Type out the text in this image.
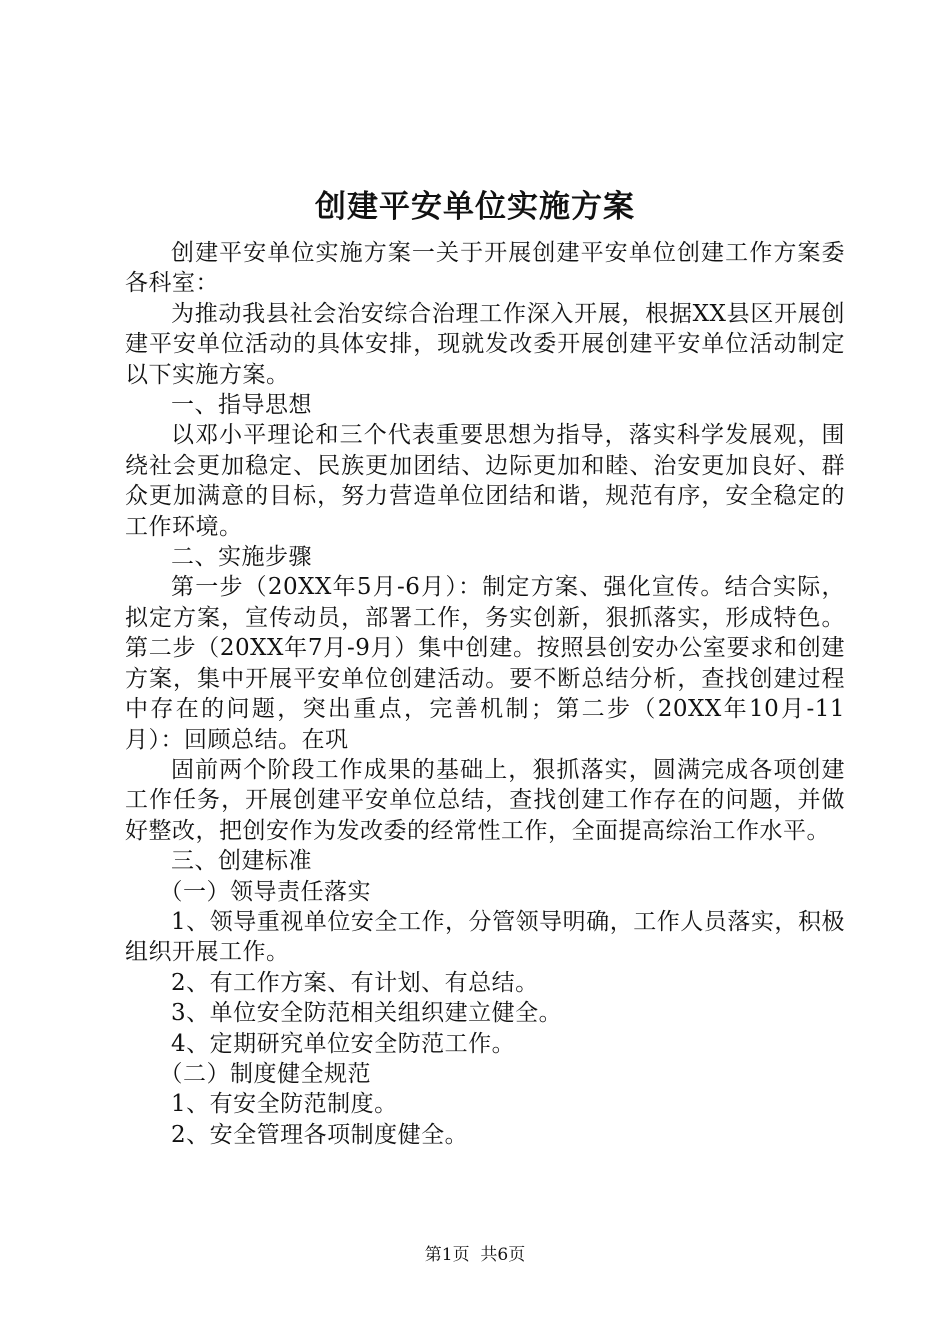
创建平安单位实施方案

创建平安单位实施方案一关于开展创建平安单位创建工作方案委各科室：

为推动我县社会治安综合治理工作深入开展，根据XX县区开展创建平安单位活动的具体安排，现就发改委开展创建平安单位活动制定以下实施方案。

一、指导思想

以邓小平理论和三个代表重要思想为指导，落实科学发展观，围绕社会更加稳定、民族更加团结、边际更加和睦、治安更加良好、群众更加满意的目标，努力营造单位团结和谐，规范有序，安全稳定的工作环境。

二、实施步骤

第一步（20XX年5月-6月）：制定方案、强化宣传。结合实际，拟定方案，宣传动员，部署工作，务实创新，狠抓落实，形成特色。第二步（20XX年7月-9月）集中创建。按照县创安办公室要求和创建方案，集中开展平安单位创建活动。要不断总结分析，查找创建过程中存在的问题，突出重点，完善机制；第二步（20XX年10月-11月）：回顾总结。在巩

固前两个阶段工作成果的基础上，狠抓落实，圆满完成各项创建工作任务，开展创建平安单位总结，查找创建工作存在的问题，并做好整改，把创安作为发改委的经常性工作，全面提高综治工作水平。

三、创建标准

（一）领导责任落实

1、领导重视单位安全工作，分管领导明确，工作人员落实，积极组织开展工作。

2、有工作方案、有计划、有总结。

3、单位安全防范相关组织建立健全。

4、定期研究单位安全防范工作。

（二）制度健全规范

1、有安全防范制度。

2、安全管理各项制度健全。

第1页  共6页
